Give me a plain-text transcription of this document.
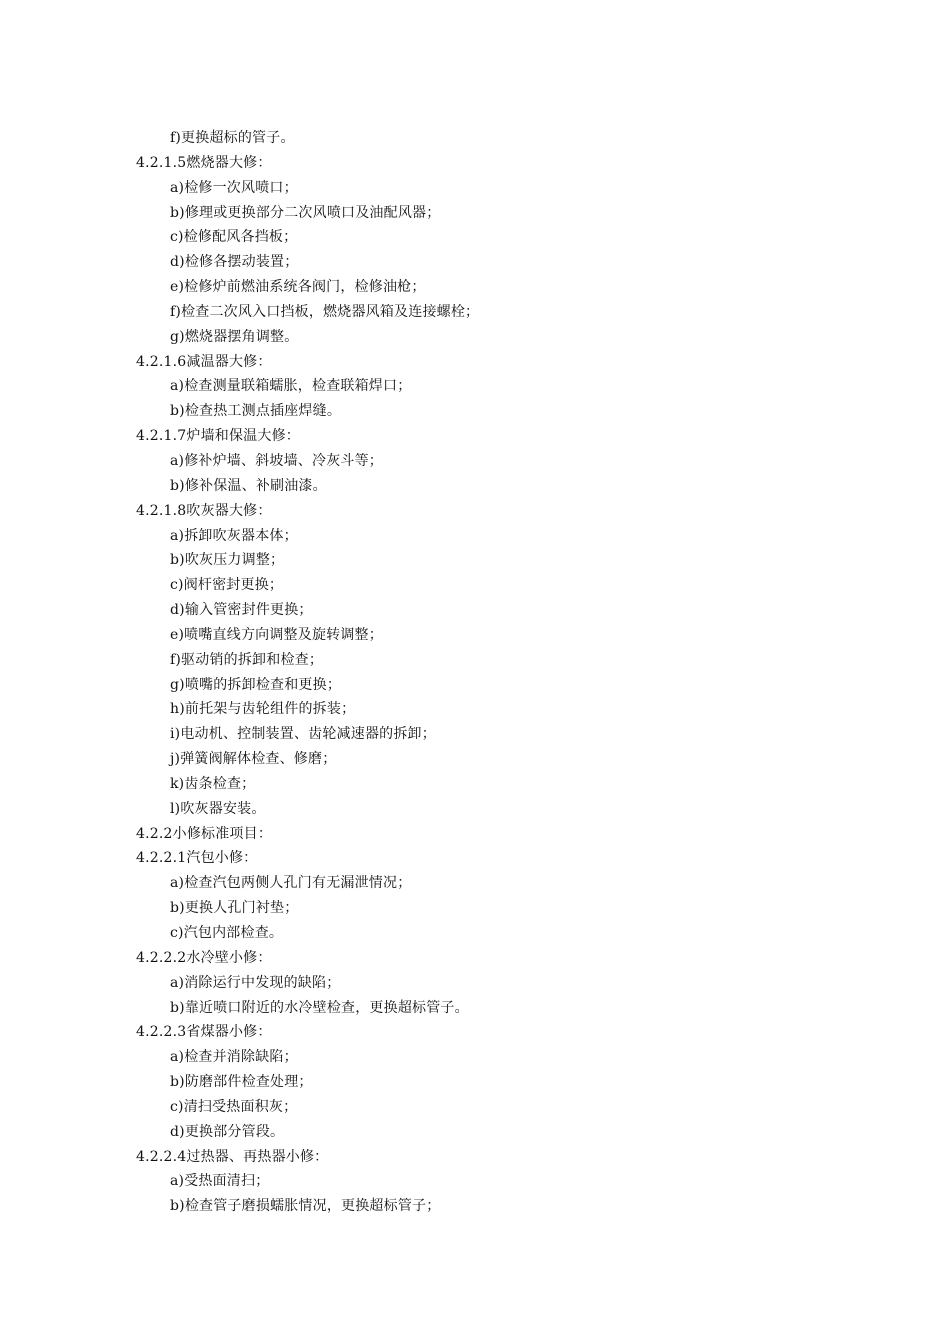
f)更换超标的管子。
4.2.1.5燃烧器大修：
a)检修一次风喷口；
b)修理或更换部分二次风喷口及油配风器；
c)检修配风各挡板；
d)检修各摆动装置；
e)检修炉前燃油系统各阀门，检修油枪；
f)检查二次风入口挡板，燃烧器风箱及连接螺栓；
g)燃烧器摆角调整。
4.2.1.6减温器大修：
a)检查测量联箱蠕胀，检查联箱焊口；
b)检查热工测点插座焊缝。
4.2.1.7炉墙和保温大修：
a)修补炉墙、斜坡墙、冷灰斗等；
b)修补保温、补刷油漆。
4.2.1.8吹灰器大修：
a)拆卸吹灰器本体；
b)吹灰压力调整；
c)阀杆密封更换；
d)输入管密封件更换；
e)喷嘴直线方向调整及旋转调整；
f)驱动销的拆卸和检查；
g)喷嘴的拆卸检查和更换；
h)前托架与齿轮组件的拆装；
i)电动机、控制装置、齿轮减速器的拆卸；
j)弹簧阀解体检查、修磨；
k)齿条检查；
l)吹灰器安装。
4.2.2小修标准项目：
4.2.2.1汽包小修：
a)检查汽包两侧人孔门有无漏泄情况；
b)更换人孔门衬垫；
c)汽包内部检查。
4.2.2.2水冷壁小修：
a)消除运行中发现的缺陷；
b)靠近喷口附近的水冷壁检查，更换超标管子。
4.2.2.3省煤器小修：
a)检查并消除缺陷；
b)防磨部件检查处理；
c)清扫受热面积灰；
d)更换部分管段。
4.2.2.4过热器、再热器小修：
a)受热面清扫；
b)检查管子磨损蠕胀情况，更换超标管子；
